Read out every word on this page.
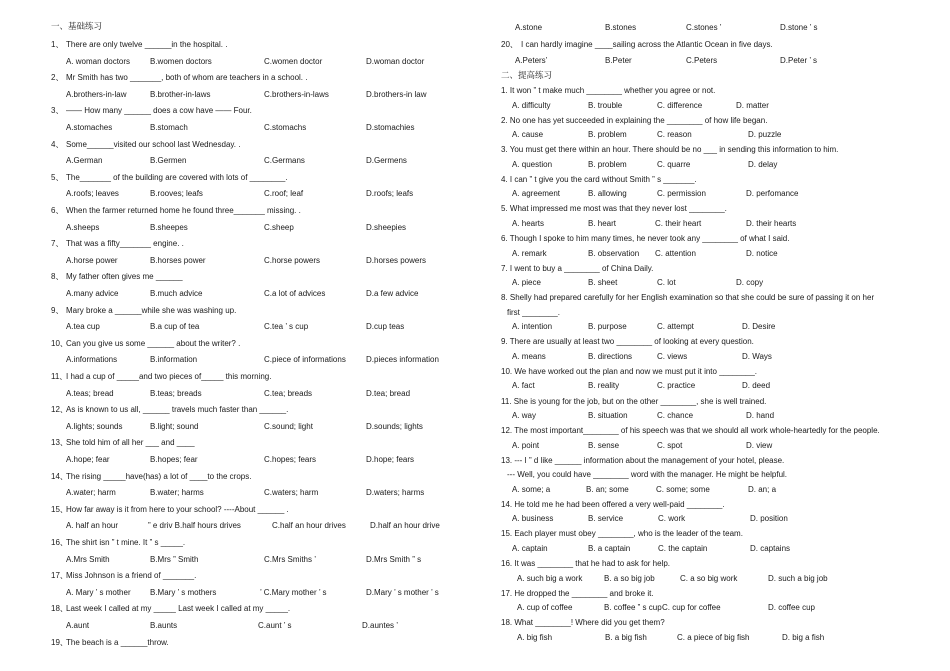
一、基础练习
1、 There are only twelve ______in the hospital. .
A. woman doctors B.women doctors	C.women doctor	D.woman doctor
2、 Mr Smith has two _______, both of whom are teachers in a school. .
A.brothers-in-law	B.brother-in-laws	C.brothers-in-laws	D.brothers-in law
3、 —— How many ______ does a cow have —— Four.
A.stomaches	B.stomach	C.stomachs	D.stomachies
4、 Some______visited our school last Wednesday. .
A.German	B.Germen	C.Germans	D.Germens
5、 The_______ of the building are covered with lots of ________.
A.roofs; leaves	B.rooves; leafs	C.roof; leaf	D.roofs; leafs
6、 When the farmer returned home he found three_______ missing. .
A.sheeps	B.sheepes	C.sheep	D.sheepies
7、 That was a fifty_______ engine. .
A.horse power	B.horses power	C.horse powers	D.horses powers
8、 My father often gives me ______
A.many advice	B.much advice	C.a lot of advices	D.a few advice
9、 Mary broke a ______while she was washing up.
A.tea cup	B.a cup of tea	C.tea ’ s cup	D.cup teas
10、
Can you give us some ______ about the writer? .
A.informations	B.information	C.piece of informations	D.pieces information
11、
I had a cup of _____and two pieces of_____ this morning.
A.teas; bread	B.teas; breads	C.tea; breads	D.tea; bread
12、
As is known to us all, ______ travels much faster than ______.
A.lights; sounds	B.light; sound	C.sound; light	D.sounds; lights
13、
She told him of all her ___ and ____
A.hope; fear	B.hopes; fear	C.hopes; fears	D.hope; fears
14、
The rising _____have(has) a lot of ____to the crops.
A.water; harm	B.water; harms	C.waters; harm	D.waters; harms
15、
How far away is it from here to your school? ----About ______ .
A. half an hour	” e driv B.half hours drives	C.half an hour drives	D.half an hour drive
16、
The shirt isn ” t mine. It ” s _____.
A.Mrs Smith	B.Mrs ” Smith	C.Mrs Smiths ’	D.Mrs Smith ” s
17、
Miss Johnson is a friend of _______.
A. Mary ’ s mother B.Mary ’ s mothers	’ C.Mary mother ’ s	D.Mary ’ s mother ’ s
18、
Last week I called at my _____ Last week I called at my _____.
A.aunt	B.aunts	C.aunt ’ s	D.auntes ’
19、
The beach is a ______throw.
A.stone	B.stones	C.stones ’	D.stone ’ s
20、 I can hardly imagine ____sailing across the Atlantic Ocean in five days.
A.Peters’	B.Peter	C.Peters	D.Peter ’ s
二、提高练习
1. It won ” t make much ________ whether you agree or not.
A. difficulty	B. trouble	C. difference	D. matter
2. No one has yet succeeded in explaining the ________ of how life began.
A. cause	B. problem	C. reason	D. puzzle
3. You must get there within an hour. There should be no ___ in sending this information to him.
A. question	B. problem	C. quarre	D. delay
4. I can ” t give you the card without Smith ” s _______.
A. agreement	B. allowing	C. permission	D. perfomance
5. What impressed me most was that they never lost ________.
A. hearts	B. heart	C. their heart	D. their hearts
6. Though I spoke to him many times, he never took any ________ of what I said.
A. remark	B. observation C. attention	D. notice
7. I went to buy a ________ of China Daily.
A. piece	B. sheet	C. lot	D. copy
8. Shelly had prepared carefully for her English examination so that she could be sure of passing it on her
first ________.
A. intention	B. purpose	C. attempt	D. Desire
9. There are usually at least two ________ of looking at every question.
A. means	B. directions	C. views	D. Ways
10. We have worked out the plan and now we must put it into ________.
A. fact	B. reality	C. practice	D. deed
11. She is young for the job, but on the other ________, she is well trained.
A. way	B. situation	C. chance	D. hand
12. The most important________ of his speech was that we should all work whole-heartedly for the people.
A. point	B. sense	C. spot	D. view
13. --- I ” d like ______ information about the management of your hotel, please.
--- Well, you could have ________ word with the manager. He might be helpful.
A. some; a	B. an; some	C. some; some	D. an; a
14. He told me he had been offered a very well-paid ________.
A. business	B. service	C. work	D. position
15. Each player must obey ________, who is the leader of the team.
A. captain	B. a captain	C. the captain	D. captains
16. It was ________ that he had to ask for help.
A. such big a work	B. a so big job	C. a so big work	D. such a big job
17. He dropped the ________ and broke it.
A. cup of coffee	B. coffee ” s cup C. cup for coffee	D. coffee cup
18. What ________! Where did you get them?
A. big fish	B. a big fish	C. a piece of big fish	D. big a fish
